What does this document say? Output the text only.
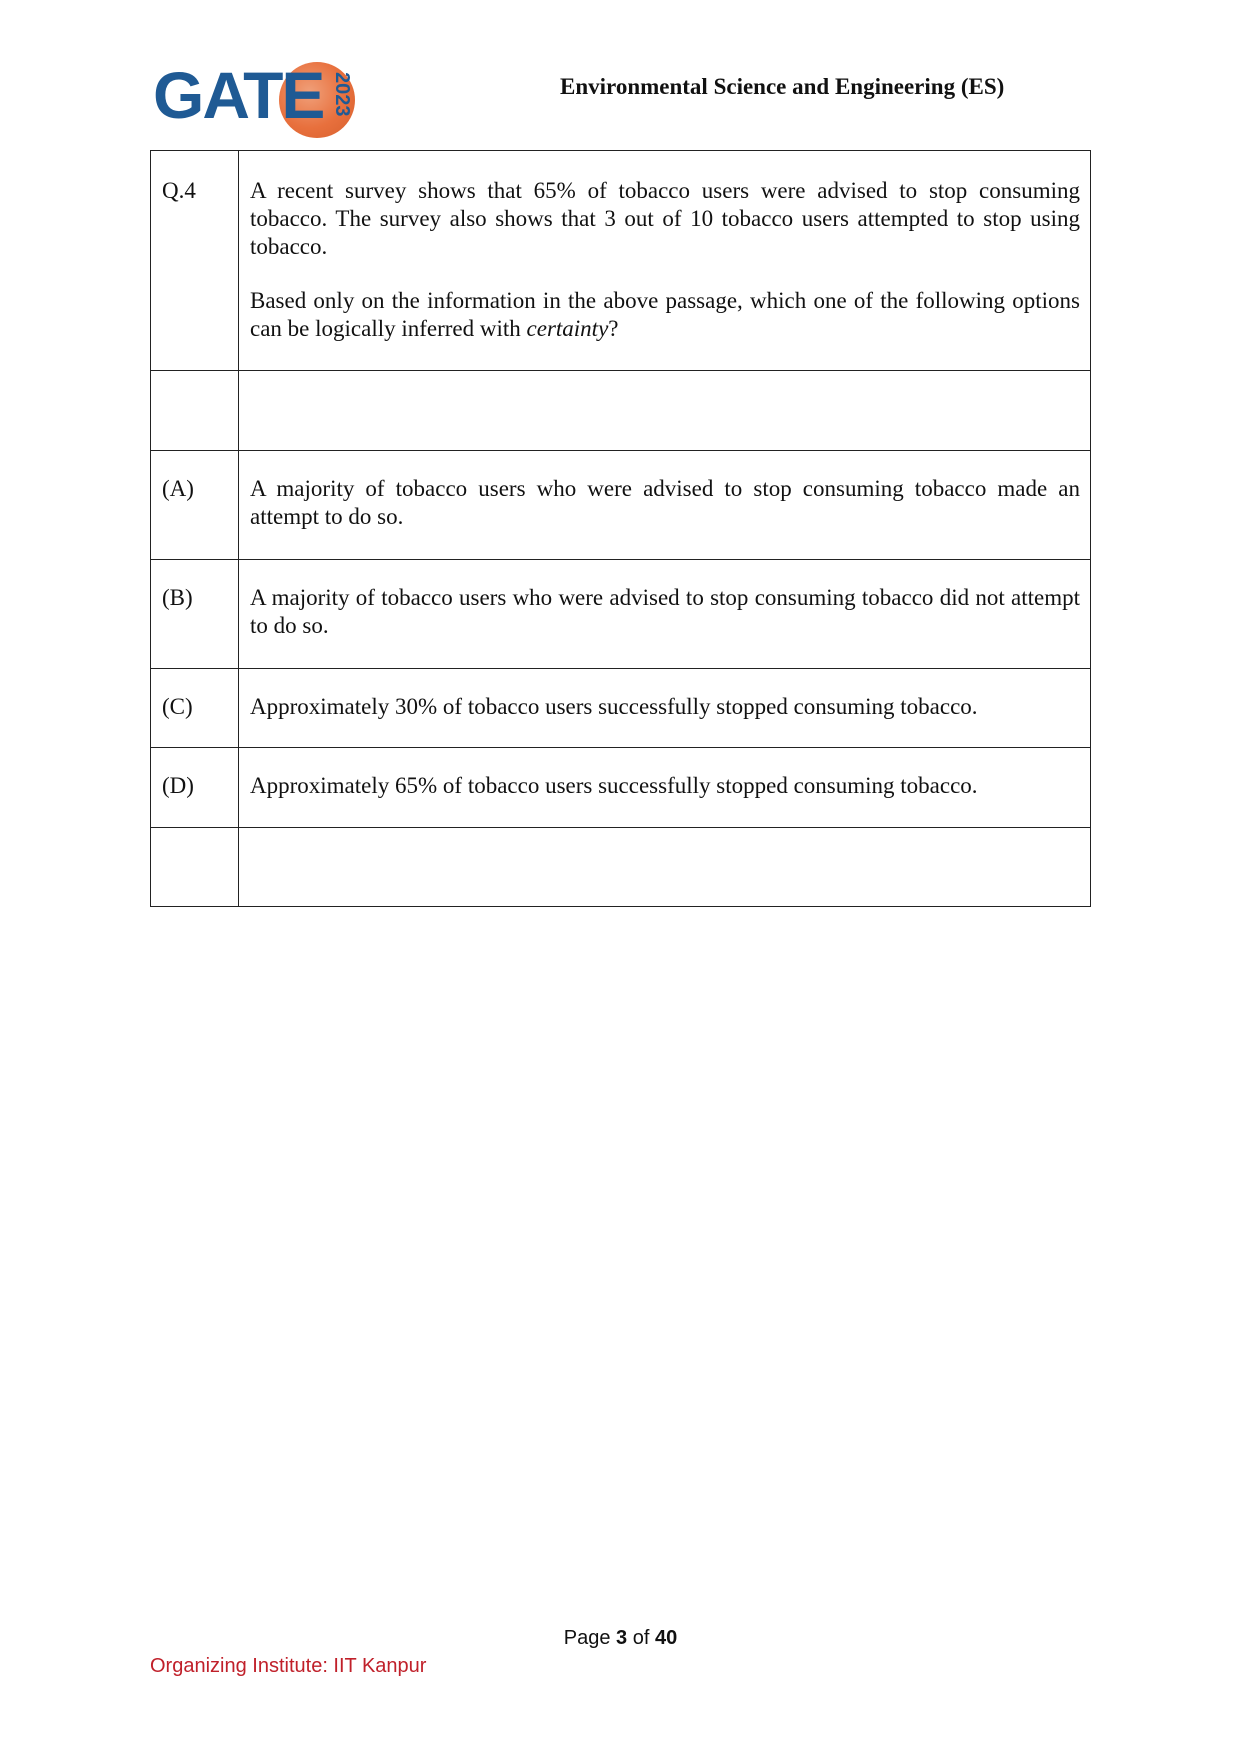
GATE 2023	Environmental Science and Engineering (ES)
Q.4	A recent survey shows that 65% of tobacco users were advised to stop consuming tobacco. The survey also shows that 3 out of 10 tobacco users attempted to stop using tobacco.
Based only on the information in the above passage, which one of the following options can be logically inferred with certainty?

(A)	A majority of tobacco users who were advised to stop consuming tobacco made an attempt to do so.

(B)	A majority of tobacco users who were advised to stop consuming tobacco did not attempt to do so.

(C)	Approximately 30% of tobacco users successfully stopped consuming tobacco.

(D)	Approximately 65% of tobacco users successfully stopped consuming tobacco.

Page 3 of 40
Organizing Institute: IIT Kanpur
